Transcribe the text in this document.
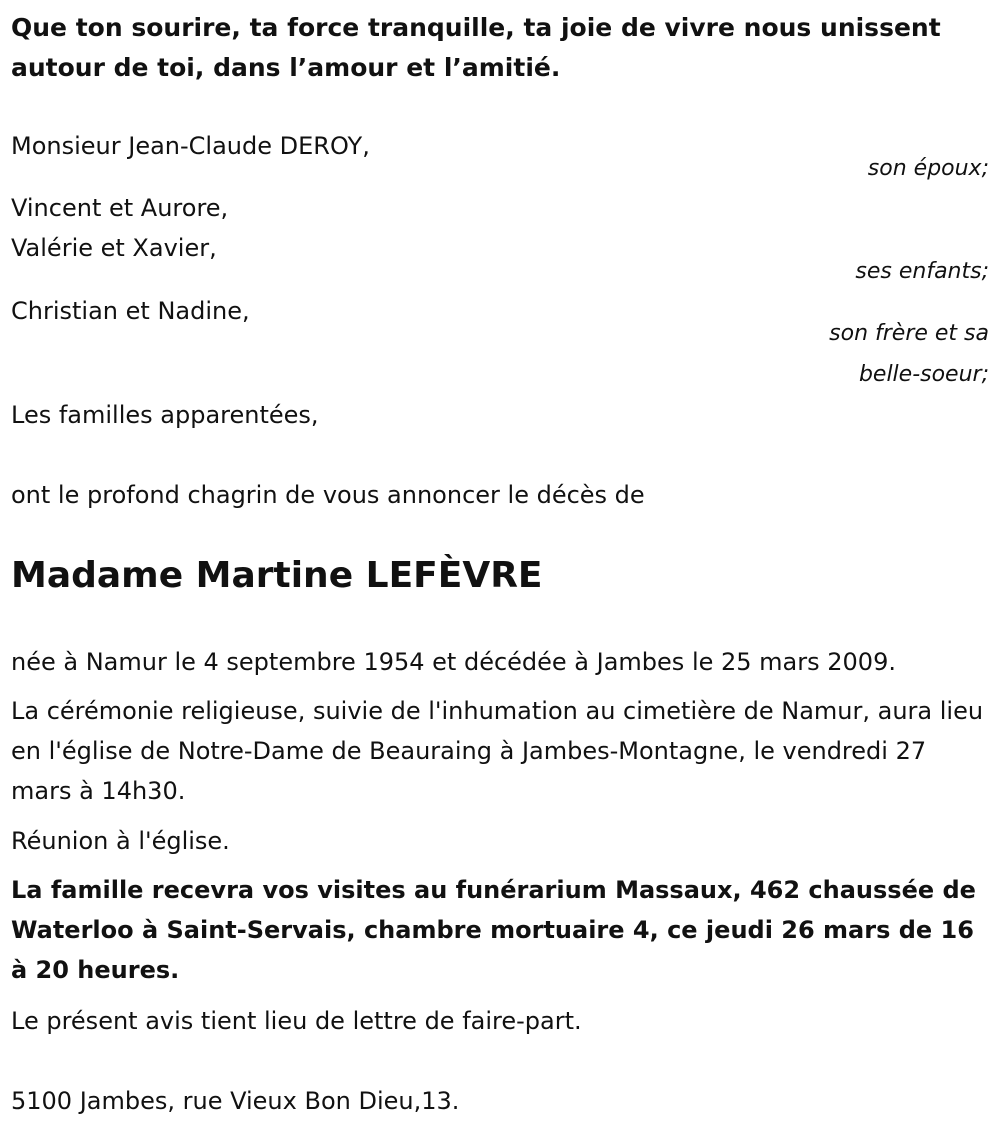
Que ton sourire, ta force tranquille, ta joie de vivre nous unissent autour de toi, dans l’amour et l’amitié.
Monsieur Jean-Claude DEROY,
son époux;
Vincent et Aurore,
Valérie et Xavier,
ses enfants;
Christian et Nadine,
son frère et sa
belle-soeur;
Les familles apparentées,
ont le profond chagrin de vous annoncer le décès de
Madame Martine LEFÈVRE
née à Namur le 4 septembre 1954 et décédée à Jambes le 25 mars 2009.
La cérémonie religieuse, suivie de l'inhumation au cimetière de Namur, aura lieu en l'église de Notre-Dame de Beauraing à Jambes-Montagne, le vendredi 27 mars à 14h30.
Réunion à l'église.
La famille recevra vos visites au funérarium Massaux, 462 chaussée de Waterloo à Saint-Servais, chambre mortuaire 4, ce jeudi 26 mars de 16 à 20 heures.
Le présent avis tient lieu de lettre de faire-part.
5100 Jambes, rue Vieux Bon Dieu,13.
